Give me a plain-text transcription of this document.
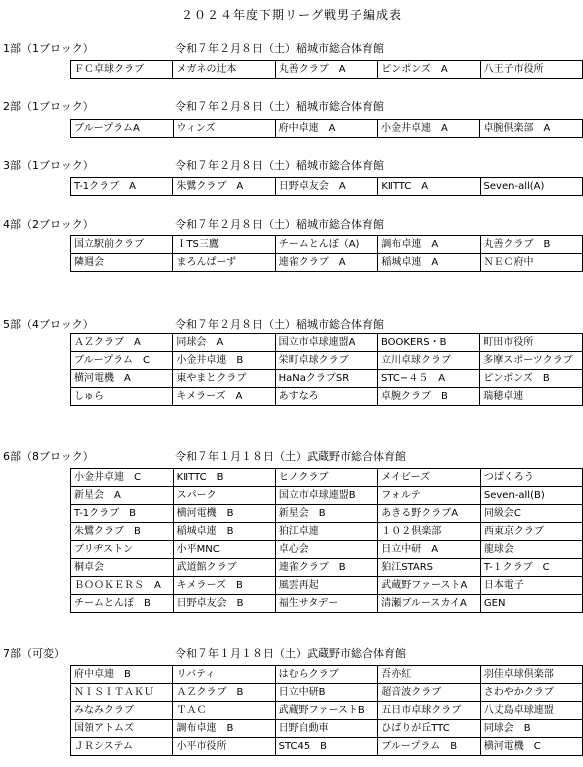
２０２４年度下期リーグ戦男子編成表
1部（1ブロック）	令和７年２月８日（土）稲城市総合体育館
ＦＣ卓球クラブ	メガネの辻本	丸善クラブ　A	ピンポンズ　A	八王子市役所
2部（1ブロック）	令和７年２月８日（土）稲城市総合体育館
ブループラムA	ウィンズ	府中卓連　A	小金井卓連　A	卓腕倶楽部　A
3部（1ブロック）	令和７年２月８日（土）稲城市総合体育館
T-1クラブ　A	朱鷺クラブ　A	日野卓友会　A	KⅡTTC　A	Seven-all(A)
4部（2ブロック）	令和７年２月８日（土）稲城市総合体育館
国立駅前クラブ	ＩTS三鷹	チームとんぼ（A)	調布卓連　A	丸善クラブ　B
隣週会	まろんぱーず	連雀クラブ　A	稲城卓連　A	ＮＥＣ府中
5部（4ブロック）	令和７年２月８日（土）稲城市総合体育館
ＡＺクラブ　A	同球会　A	国立市卓球連盟A	BOOKERS・B	町田市役所
ブループラム　C	小金井卓連　B	栄町卓球クラブ	立川卓球クラブ	多摩スポーツクラブ
横河電機　A	東やまとクラブ	HaNaクラブSR	STC−４５　A	ピンポンズ　B
しゅら	キメラーズ　A	あすなろ	卓腕クラブ　B	瑞穂卓連
6部（8ブロック）	令和７年１月１８日（土）武蔵野市総合体育館
小金井卓連　C	KⅡTTC　B	ヒノクラブ	メイビーズ	つばくろう
新星会　A	スパーク	国立市卓球連盟B	フォルテ	Seven-all(B)
T-1クラブ　B	横河電機　B	新星会　B	あきる野クラブA	同級会C
朱鷺クラブ　B	稲城卓連　B	狛江卓連	１０２倶楽部	西東京クラブ
ブリヂストン	小平MNC	卓心会	日立中研　A	龍球会
桐卓会	武道館クラブ	連雀クラブ　B	狛江STARS	T-１クラブ　C
ＢＯＯＫＥＲＳ　A	キメラーズ　B	風雲再起	武蔵野ファーストA	日本電子
チームとんぼ　B	日野卓友会　B	福生サタデー	清瀬ブルースカイA	GEN
7部（可変）	令和７年１月１８日（土）武蔵野市総合体育館
府中卓連　B	リバティ	はむらクラブ	吾亦紅	羽佳卓球倶楽部
ＮＩＳＩＴＡＫＵ	ＡＺクラブ　B	日立中研B	超音波クラブ	さわやかクラブ
みなみクラブ	ＴＡＣ	武蔵野ファーストB	五日市卓球クラブ	八丈島卓球連盟
国領アトムズ	調布卓連　B	日野自動車	ひばりが丘TTC	同球会　B
ＪＲシステム	小平市役所	STC45　B	ブループラム　B	横河電機　C
